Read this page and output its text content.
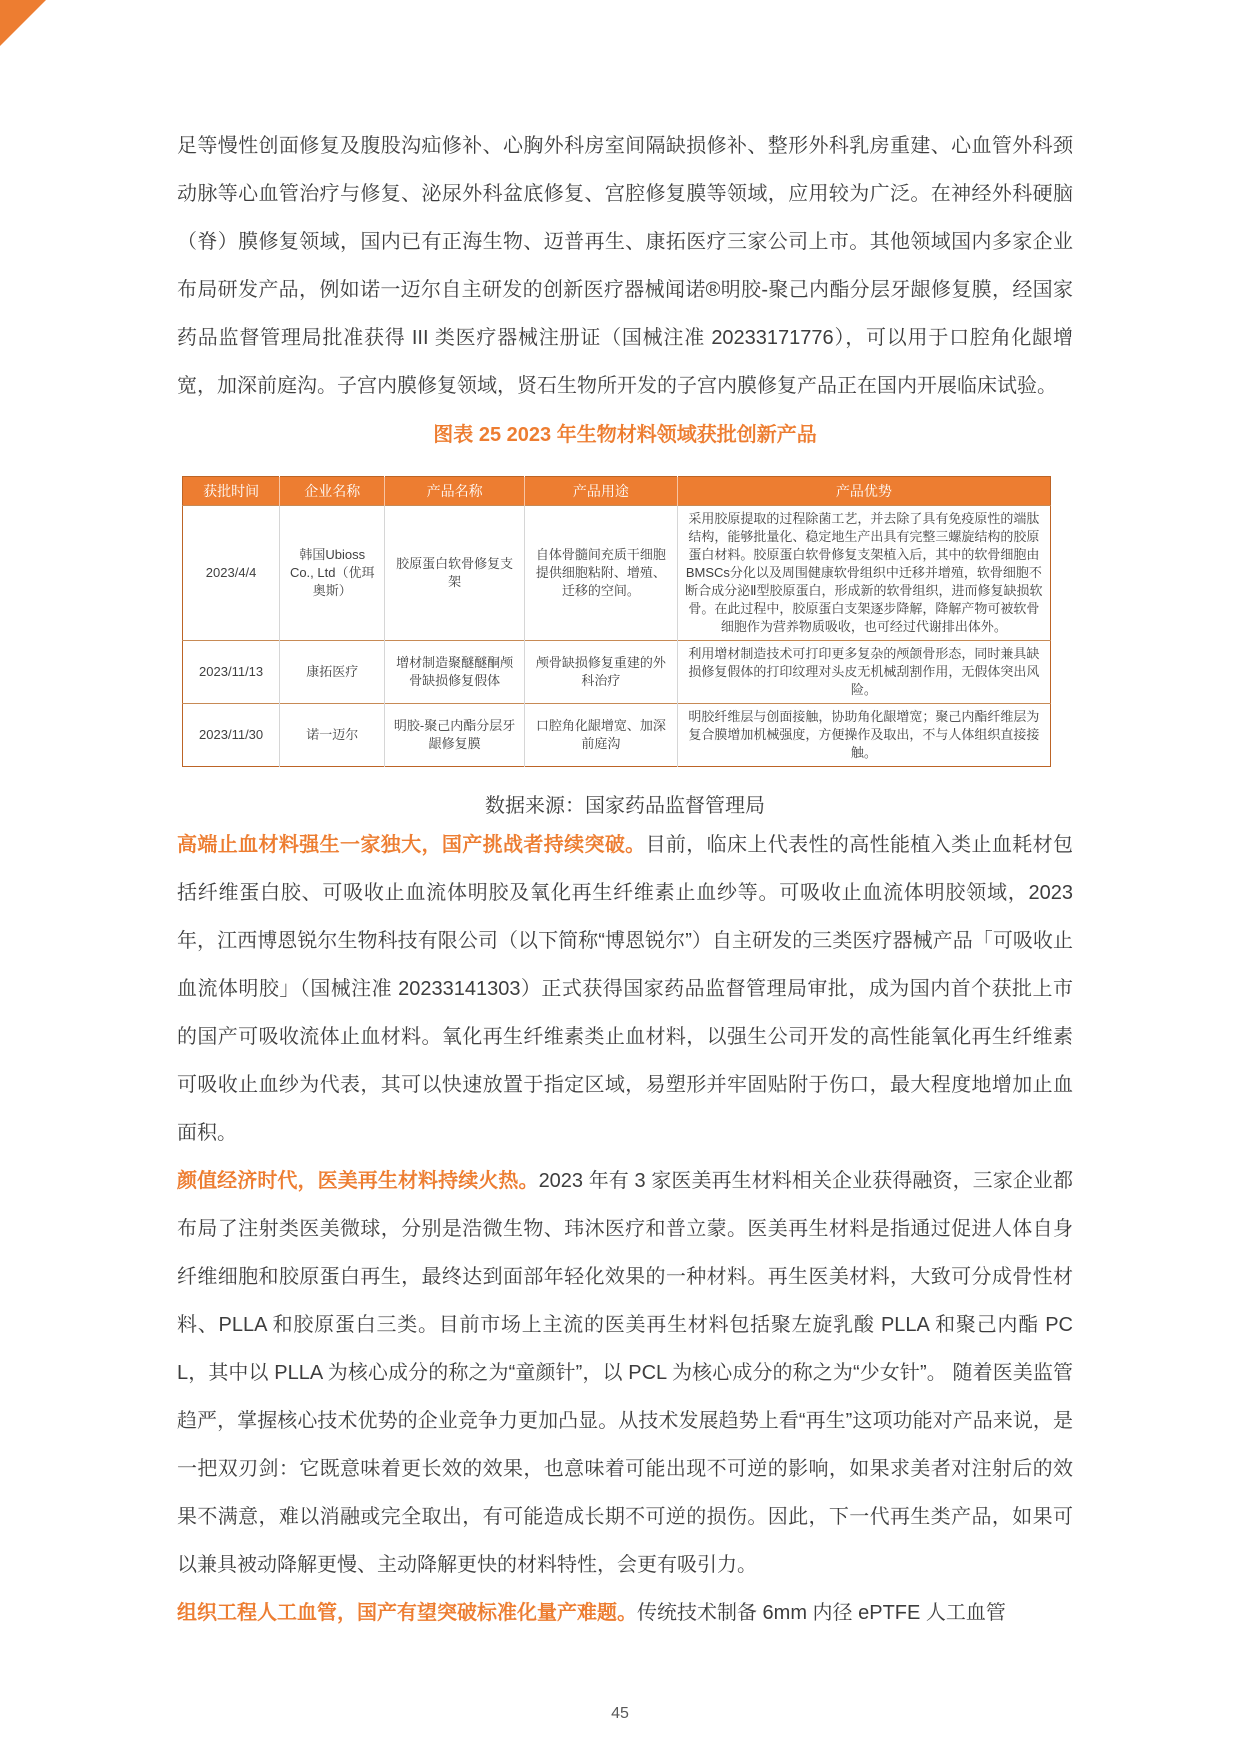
足等慢性创面修复及腹股沟疝修补、心胸外科房室间隔缺损修补、整形外科乳房重建、心血管外科颈动脉等心血管治疗与修复、泌尿外科盆底修复、宫腔修复膜等领域，应用较为广泛。在神经外科硬脑（脊）膜修复领域，国内已有正海生物、迈普再生、康拓医疗三家公司上市。其他领域国内多家企业布局研发产品，例如诺一迈尔自主研发的创新医疗器械闻诺®明胶-聚己内酯分层牙龈修复膜，经国家药品监督管理局批准获得 III 类医疗器械注册证（国械注准 20233171776），可以用于口腔角化龈增宽，加深前庭沟。子宫内膜修复领域，贤石生物所开发的子宫内膜修复产品正在国内开展临床试验。

图表 25 2023 年生物材料领域获批创新产品
获批时间	企业名称	产品名称	产品用途	产品优势
2023/4/4	韩国Ubioss Co., Ltd（优珥奥斯）	胶原蛋白软骨修复支架	自体骨髓间充质干细胞提供细胞粘附、增殖、迁移的空间。	采用胶原提取的过程除菌工艺，并去除了具有免疫原性的端肽结构，能够批量化、稳定地生产出具有完整三螺旋结构的胶原蛋白材料。胶原蛋白软骨修复支架植入后，其中的软骨细胞由BMSCs分化以及周围健康软骨组织中迁移并增殖，软骨细胞不断合成分泌Ⅱ型胶原蛋白，形成新的软骨组织，进而修复缺损软骨。在此过程中，胶原蛋白支架逐步降解，降解产物可被软骨细胞作为营养物质吸收，也可经过代谢排出体外。
2023/11/13	康拓医疗	增材制造聚醚醚酮颅骨缺损修复假体	颅骨缺损修复重建的外科治疗	利用增材制造技术可打印更多复杂的颅颌骨形态，同时兼具缺损修复假体的打印纹理对头皮无机械刮割作用，无假体突出风险。
2023/11/30	诺一迈尔	明胶-聚己内酯分层牙龈修复膜	口腔角化龈增宽、加深前庭沟	明胶纤维层与创面接触，协助角化龈增宽；聚己内酯纤维层为复合膜增加机械强度，方便操作及取出，不与人体组织直接接触。
数据来源：国家药品监督管理局

高端止血材料强生一家独大，国产挑战者持续突破。目前，临床上代表性的高性能植入类止血耗材包括纤维蛋白胶、可吸收止血流体明胶及氧化再生纤维素止血纱等。可吸收止血流体明胶领域，2023 年，江西博恩锐尔生物科技有限公司（以下简称“博恩锐尔”）自主研发的三类医疗器械产品「可吸收止血流体明胶」（国械注准 20233141303）正式获得国家药品监督管理局审批，成为国内首个获批上市的国产可吸收流体止血材料。氧化再生纤维素类止血材料，以强生公司开发的高性能氧化再生纤维素可吸收止血纱为代表，其可以快速放置于指定区域，易塑形并牢固贴附于伤口，最大程度地增加止血面积。

颜值经济时代，医美再生材料持续火热。2023 年有 3 家医美再生材料相关企业获得融资，三家企业都布局了注射类医美微球，分别是浩微生物、玮沐医疗和普立蒙。医美再生材料是指通过促进人体自身纤维细胞和胶原蛋白再生，最终达到面部年轻化效果的一种材料。再生医美材料，大致可分成骨性材料、PLLA 和胶原蛋白三类。目前市场上主流的医美再生材料包括聚左旋乳酸 PLLA 和聚己内酯 PCL，其中以 PLLA 为核心成分的称之为“童颜针”，以 PCL 为核心成分的称之为“少女针”。 随着医美监管趋严，掌握核心技术优势的企业竞争力更加凸显。从技术发展趋势上看“再生”这项功能对产品来说，是一把双刃剑：它既意味着更长效的效果，也意味着可能出现不可逆的影响，如果求美者对注射后的效果不满意，难以消融或完全取出，有可能造成长期不可逆的损伤。因此，下一代再生类产品，如果可以兼具被动降解更慢、主动降解更快的材料特性，会更有吸引力。

组织工程人工血管，国产有望突破标准化量产难题。传统技术制备 6mm 内径 ePTFE 人工血管

45
